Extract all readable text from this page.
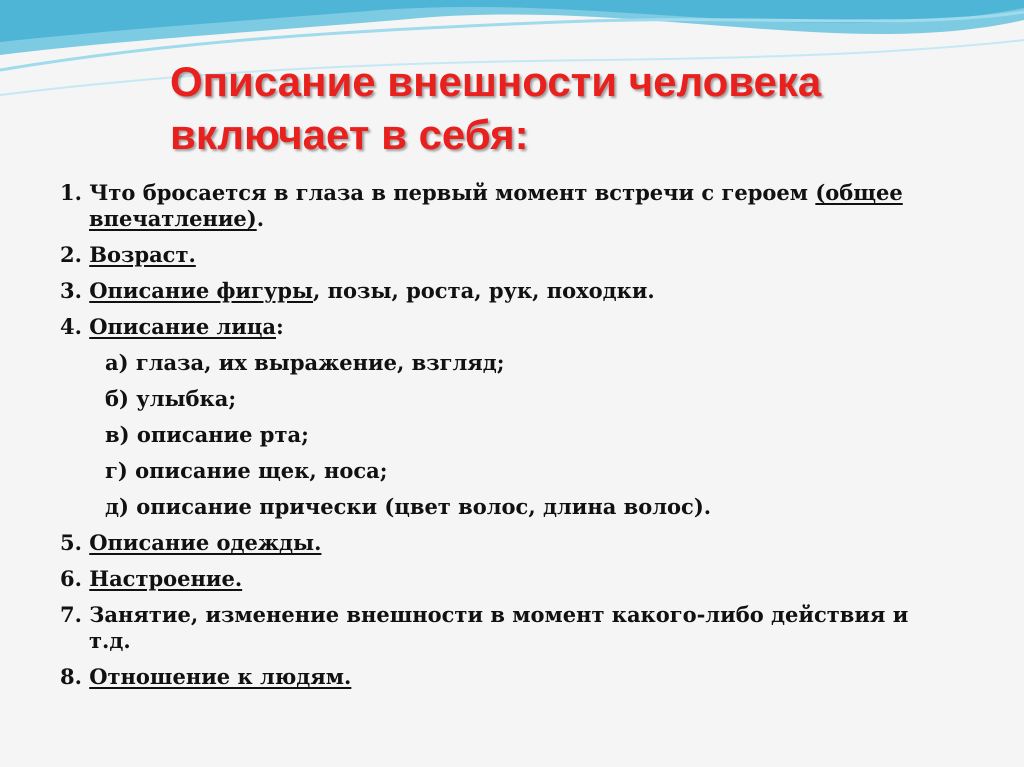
Описание внешности человека
включает в себя:
1. Что бросается в глаза в первый момент встречи с героем (общее
впечатление).
2. Возраст.
3. Описание фигуры, позы, роста, рук, походки.
4. Описание лица:
а) глаза, их выражение, взгляд;
б) улыбка;
в) описание рта;
г) описание щек, носа;
д) описание прически (цвет волос, длина волос).
5. Описание одежды.
6. Настроение.
7. Занятие, изменение внешности в момент какого-либо действия и
т.д.
8. Отношение к людям.
